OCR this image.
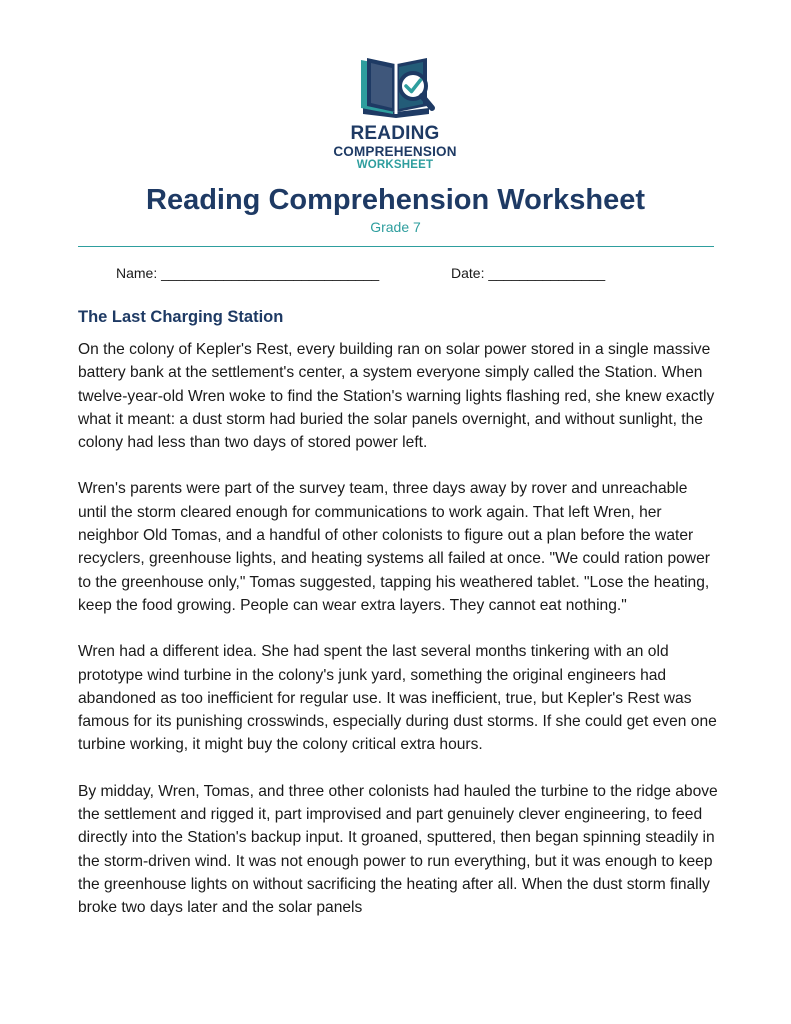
READING
COMPREHENSION
WORKSHEET
Reading Comprehension Worksheet
Grade 7
Name: ____________________________	Date: _______________
The Last Charging Station

On the colony of Kepler's Rest, every building ran on solar power stored in a single massive battery bank at the settlement's center, a system everyone simply called the Station. When twelve-year-old Wren woke to find the Station's warning lights flashing red, she knew exactly what it meant: a dust storm had buried the solar panels overnight, and without sunlight, the colony had less than two days of stored power left.

Wren's parents were part of the survey team, three days away by rover and unreachable until the storm cleared enough for communications to work again. That left Wren, her neighbor Old Tomas, and a handful of other colonists to figure out a plan before the water recyclers, greenhouse lights, and heating systems all failed at once. "We could ration power to the greenhouse only," Tomas suggested, tapping his weathered tablet. "Lose the heating, keep the food growing. People can wear extra layers. They cannot eat nothing."

Wren had a different idea. She had spent the last several months tinkering with an old prototype wind turbine in the colony's junk yard, something the original engineers had abandoned as too inefficient for regular use. It was inefficient, true, but Kepler's Rest was famous for its punishing crosswinds, especially during dust storms. If she could get even one turbine working, it might buy the colony critical extra hours.

By midday, Wren, Tomas, and three other colonists had hauled the turbine to the ridge above the settlement and rigged it, part improvised and part genuinely clever engineering, to feed directly into the Station's backup input. It groaned, sputtered, then began spinning steadily in the storm-driven wind. It was not enough power to run everything, but it was enough to keep the greenhouse lights on without sacrificing the heating after all. When the dust storm finally broke two days later and the solar panels
